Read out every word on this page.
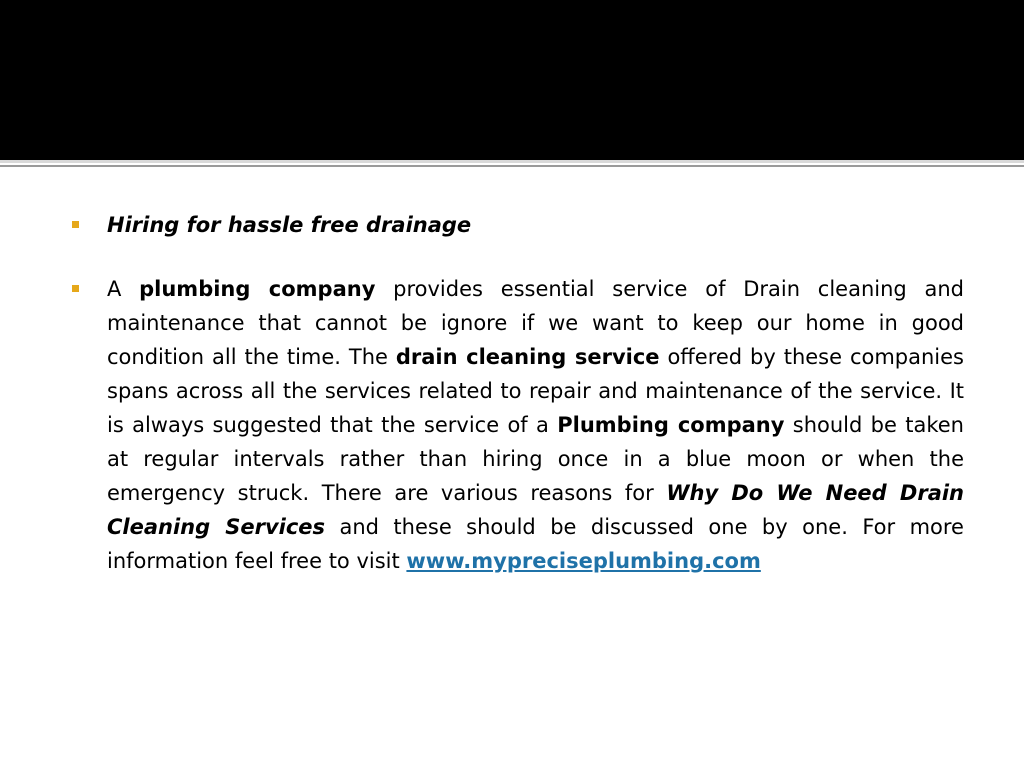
Hiring for hassle free drainage
A plumbing company provides essential service of Drain cleaning and maintenance that cannot be ignore if we want to keep our home in good condition all the time. The drain cleaning service offered by these companies spans across all the services related to repair and maintenance of the service. It is always suggested that the service of a Plumbing company should be taken at regular intervals rather than hiring once in a blue moon or when the emergency struck. There are various reasons for Why Do We Need Drain Cleaning Services and these should be discussed one by one. For more information feel free to visit www.mypreciseplumbing.com
